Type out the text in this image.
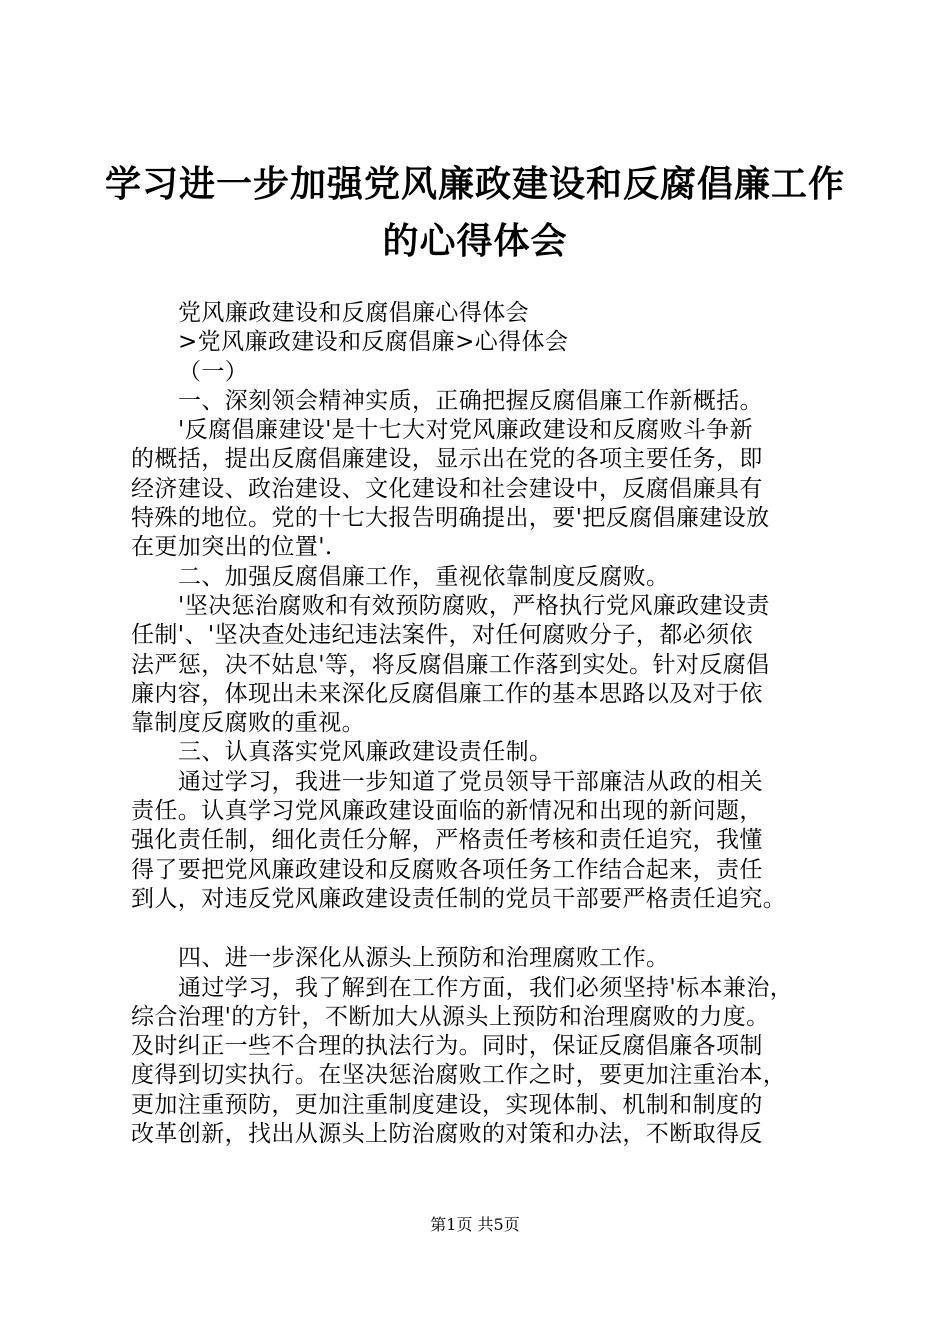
学习进一步加强党风廉政建设和反腐倡廉工作
的心得体会
党风廉政建设和反腐倡廉心得体会
>党风廉政建设和反腐倡廉>心得体会
（一）
一、深刻领会精神实质，正确把握反腐倡廉工作新概括。
'反腐倡廉建设'是十七大对党风廉政建设和反腐败斗争新
的概括，提出反腐倡廉建设，显示出在党的各项主要任务，即
经济建设、政治建设、文化建设和社会建设中，反腐倡廉具有
特殊的地位。党的十七大报告明确提出，要'把反腐倡廉建设放
在更加突出的位置'.
二、加强反腐倡廉工作，重视依靠制度反腐败。
'坚决惩治腐败和有效预防腐败，严格执行党风廉政建设责
任制'、'坚决查处违纪违法案件，对任何腐败分子，都必须依
法严惩，决不姑息'等，将反腐倡廉工作落到实处。针对反腐倡
廉内容，体现出未来深化反腐倡廉工作的基本思路以及对于依
靠制度反腐败的重视。
三、认真落实党风廉政建设责任制。
通过学习，我进一步知道了党员领导干部廉洁从政的相关
责任。认真学习党风廉政建设面临的新情况和出现的新问题，
强化责任制，细化责任分解，严格责任考核和责任追究，我懂
得了要把党风廉政建设和反腐败各项任务工作结合起来，责任
到人，对违反党风廉政建设责任制的党员干部要严格责任追究。
四、进一步深化从源头上预防和治理腐败工作。
通过学习，我了解到在工作方面，我们必须坚持'标本兼治，
综合治理'的方针，不断加大从源头上预防和治理腐败的力度。
及时纠正一些不合理的执法行为。同时，保证反腐倡廉各项制
度得到切实执行。在坚决惩治腐败工作之时，要更加注重治本，
更加注重预防，更加注重制度建设，实现体制、机制和制度的
改革创新，找出从源头上防治腐败的对策和办法，不断取得反
第1页 共5页
